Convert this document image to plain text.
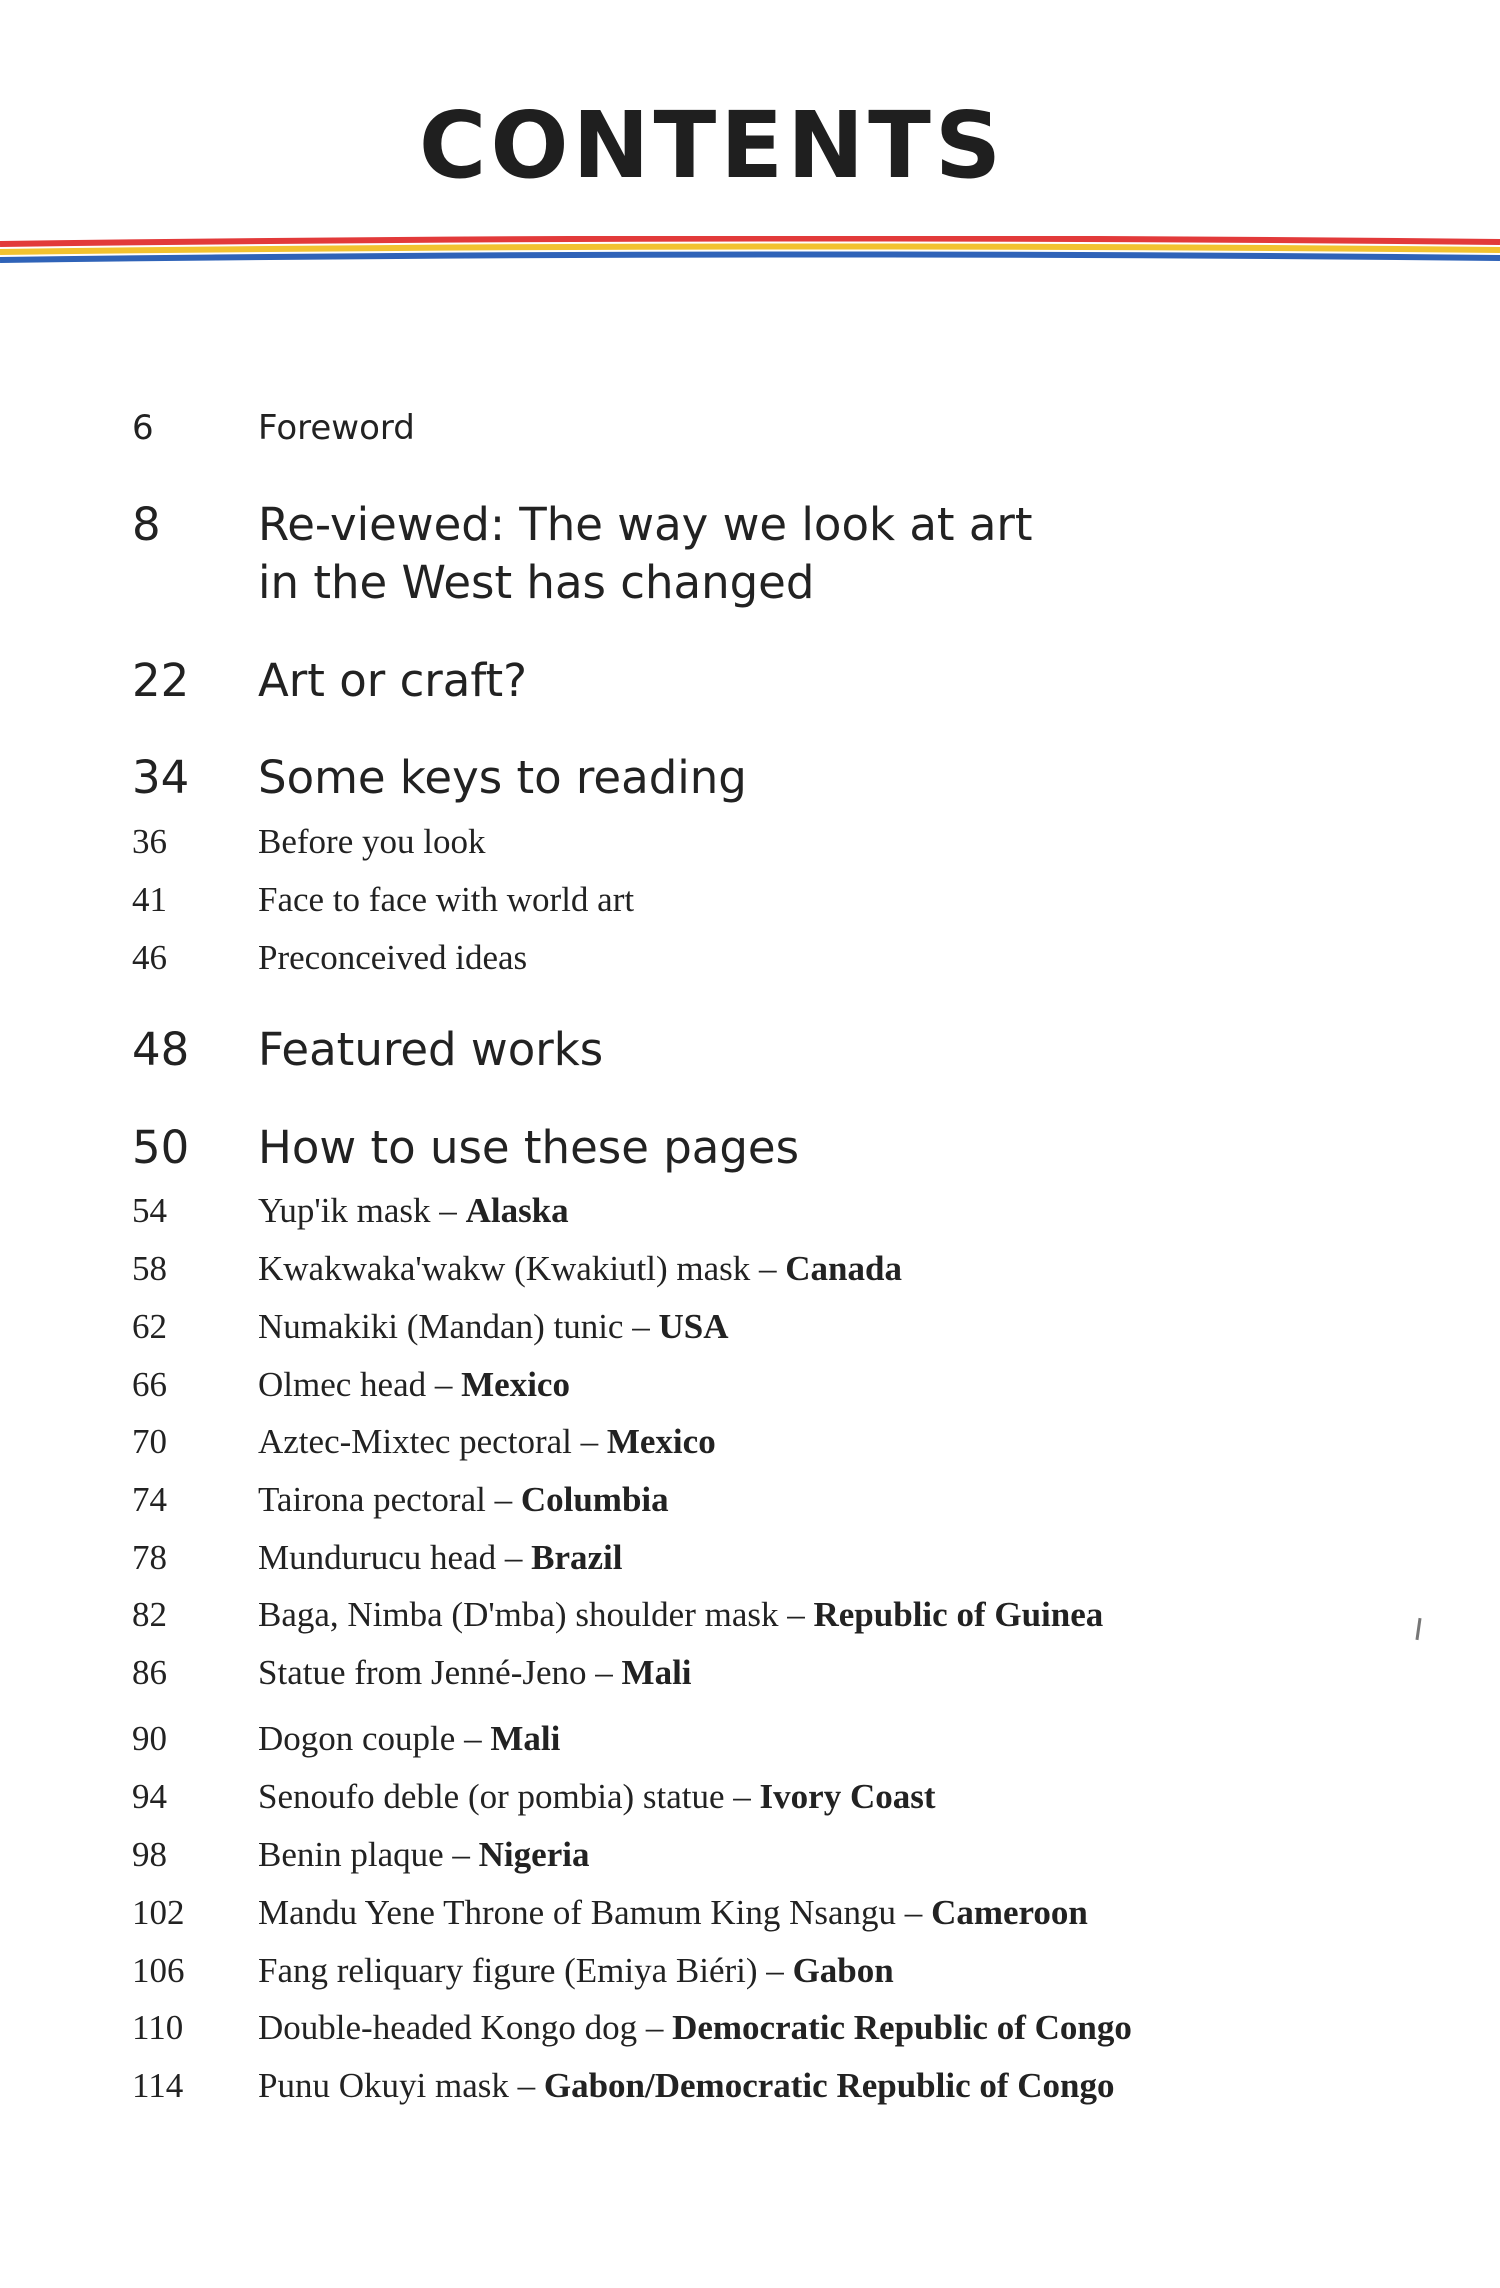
CONTENTS
6	Foreword
8 Re-viewed: The way we look at art
in the West has changed
22 Art or craft?
34 Some keys to reading
36	Before you look
41	Face to face with world art
46	Preconceived ideas
48 Featured works
50 How to use these pages
54	Yup'ik mask – Alaska
58	Kwakwaka'wakw (Kwakiutl) mask – Canada
62	Numakiki (Mandan) tunic – USA
66	Olmec head – Mexico
70	Aztec-Mixtec pectoral – Mexico
74	Tairona pectoral – Columbia
78	Mundurucu head – Brazil
82	Baga, Nimba (D'mba) shoulder mask – Republic of Guinea
86	Statue from Jenné-Jeno – Mali
90	Dogon couple – Mali
94	Senoufo deble (or pombia) statue – Ivory Coast
98	Benin plaque – Nigeria
102 Mandu Yene Throne of Bamum King Nsangu – Cameroon
106 Fang reliquary figure (Emiya Biéri) – Gabon
110 Double-headed Kongo dog – Democratic Republic of Congo
114 Punu Okuyi mask – Gabon/Democratic Republic of Congo
